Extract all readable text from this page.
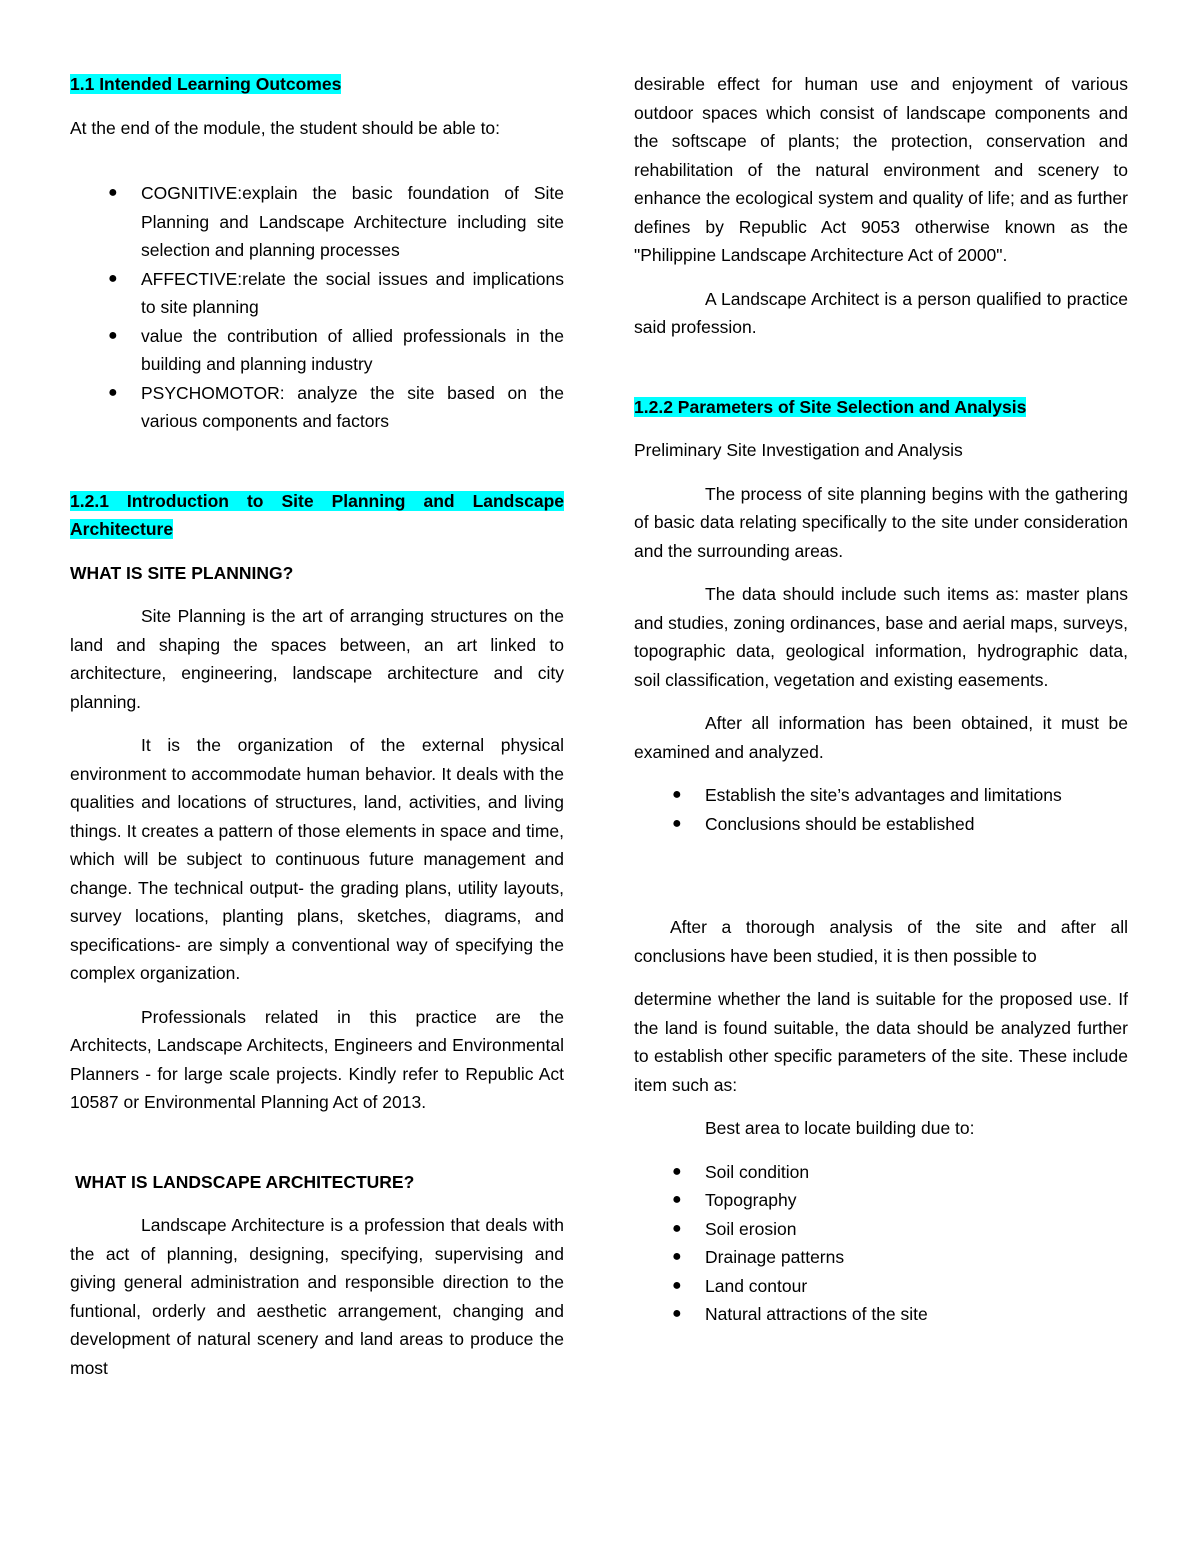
1.1 Intended Learning Outcomes

At the end of the module, the student should be able to:

● COGNITIVE:explain the basic foundation of Site Planning and Landscape Architecture including site selection and planning processes
● AFFECTIVE:relate the social issues and implications to site planning
● value the contribution of allied professionals in the building and planning industry
● PSYCHOMOTOR: analyze the site based on the various components and factors

1.2.1 Introduction to Site Planning and Landscape Architecture

WHAT IS SITE PLANNING?

Site Planning is the art of arranging structures on the land and shaping the spaces between, an art linked to architecture, engineering, landscape architecture and city planning.

It is the organization of the external physical environment to accommodate human behavior. It deals with the qualities and locations of structures, land, activities, and living things. It creates a pattern of those elements in space and time, which will be subject to continuous future management and change. The technical output- the grading plans, utility layouts, survey locations, planting plans, sketches, diagrams, and specifications- are simply a conventional way of specifying the complex organization.

Professionals related in this practice are the Architects, Landscape Architects, Engineers and Environmental Planners - for large scale projects. Kindly refer to Republic Act 10587 or Environmental Planning Act of 2013.

WHAT IS LANDSCAPE ARCHITECTURE?

Landscape Architecture is a profession that deals with the act of planning, designing, specifying, supervising and giving general administration and responsible direction to the funtional, orderly and aesthetic arrangement, changing and development of natural scenery and land areas to produce the most

desirable effect for human use and enjoyment of various outdoor spaces which consist of landscape components and the softscape of plants; the protection, conservation and rehabilitation of the natural environment and scenery to enhance the ecological system and quality of life; and as further defines by Republic Act 9053 otherwise known as the "Philippine Landscape Architecture Act of 2000".

A Landscape Architect is a person qualified to practice said profession.

1.2.2 Parameters of Site Selection and Analysis

Preliminary Site Investigation and Analysis

The process of site planning begins with the gathering of basic data relating specifically to the site under consideration and the surrounding areas.

The data should include such items as: master plans and studies, zoning ordinances, base and aerial maps, surveys, topographic data, geological information, hydrographic data, soil classification, vegetation and existing easements.

After all information has been obtained, it must be examined and analyzed.

● Establish the site’s advantages and limitations
● Conclusions should be established

After a thorough analysis of the site and after all conclusions have been studied, it is then possible to

determine whether the land is suitable for the proposed use. If the land is found suitable, the data should be analyzed further to establish other specific parameters of the site. These include item such as:

Best area to locate building due to:

● Soil condition
● Topography
● Soil erosion
● Drainage patterns
● Land contour
● Natural attractions of the site
